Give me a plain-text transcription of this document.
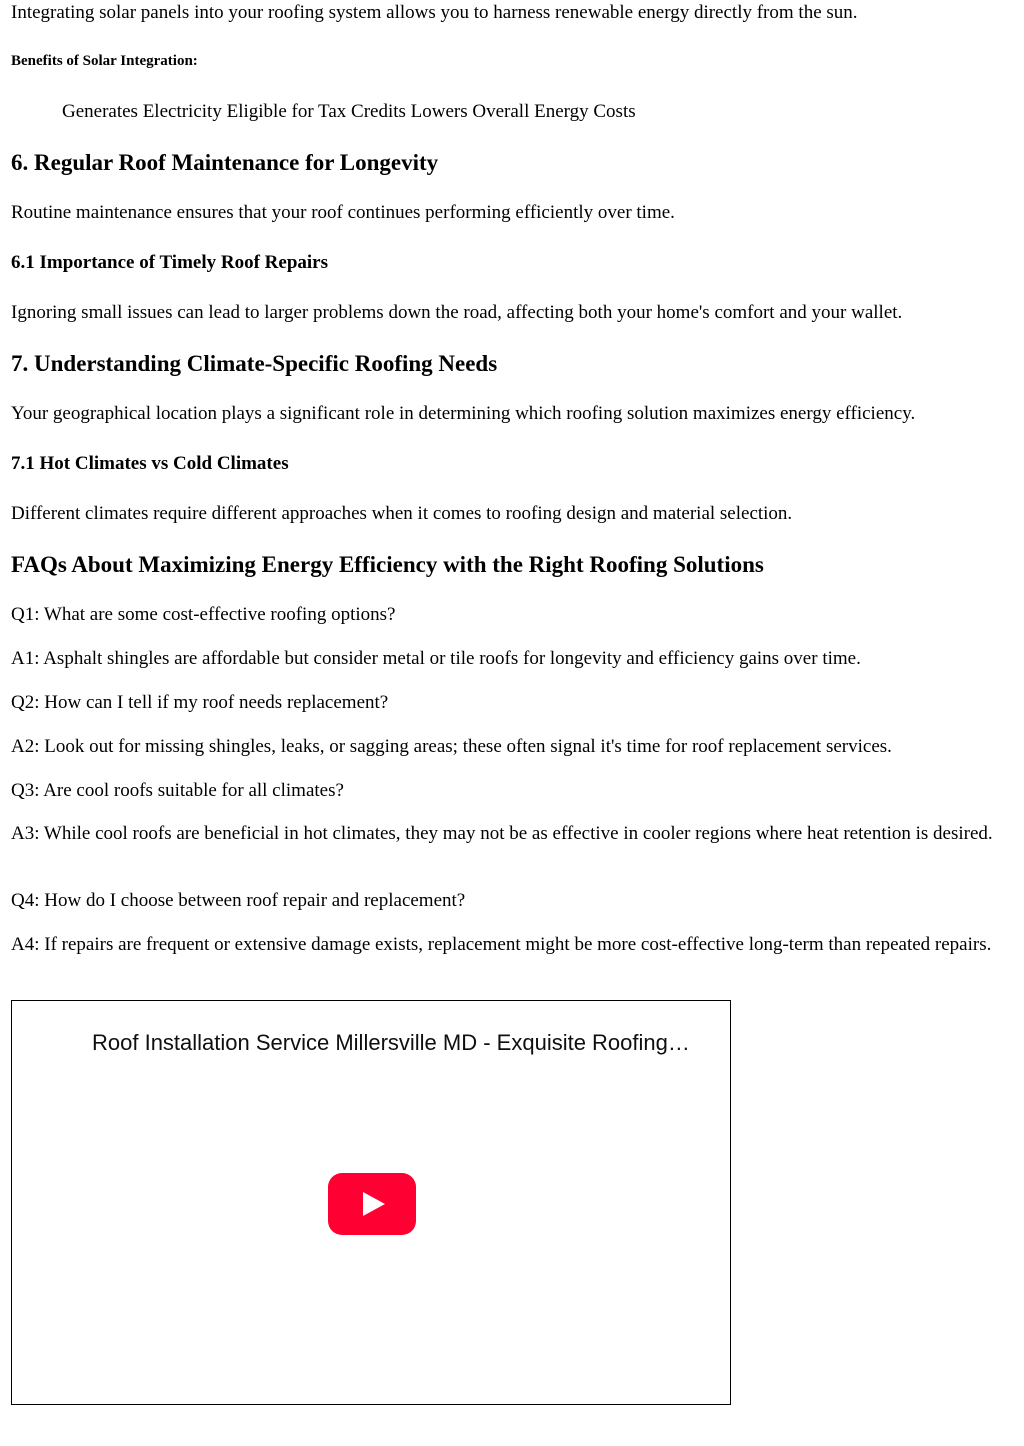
Integrating solar panels into your roofing system allows you to harness renewable energy directly from the sun.

Benefits of Solar Integration:
Generates Electricity Eligible for Tax Credits Lowers Overall Energy Costs
6. Regular Roof Maintenance for Longevity

Routine maintenance ensures that your roof continues performing efficiently over time.

6.1 Importance of Timely Roof Repairs

Ignoring small issues can lead to larger problems down the road, affecting both your home's comfort and your wallet.

7. Understanding Climate-Specific Roofing Needs

Your geographical location plays a significant role in determining which roofing solution maximizes energy efficiency.

7.1 Hot Climates vs Cold Climates

Different climates require different approaches when it comes to roofing design and material selection.

FAQs About Maximizing Energy Efficiency with the Right Roofing Solutions

Q1: What are some cost-effective roofing options?

A1: Asphalt shingles are affordable but consider metal or tile roofs for longevity and efficiency gains over time.

Q2: How can I tell if my roof needs replacement?

A2: Look out for missing shingles, leaks, or sagging areas; these often signal it's time for roof replacement services.

Q3: Are cool roofs suitable for all climates?

A3: While cool roofs are beneficial in hot climates, they may not be as effective in cooler regions where heat retention is desired.

Q4: How do I choose between roof repair and replacement?

A4: If repairs are frequent or extensive damage exists, replacement might be more cost-effective long-term than repeated repairs.

Roof Installation Service Millersville MD - Exquisite Roofing…
